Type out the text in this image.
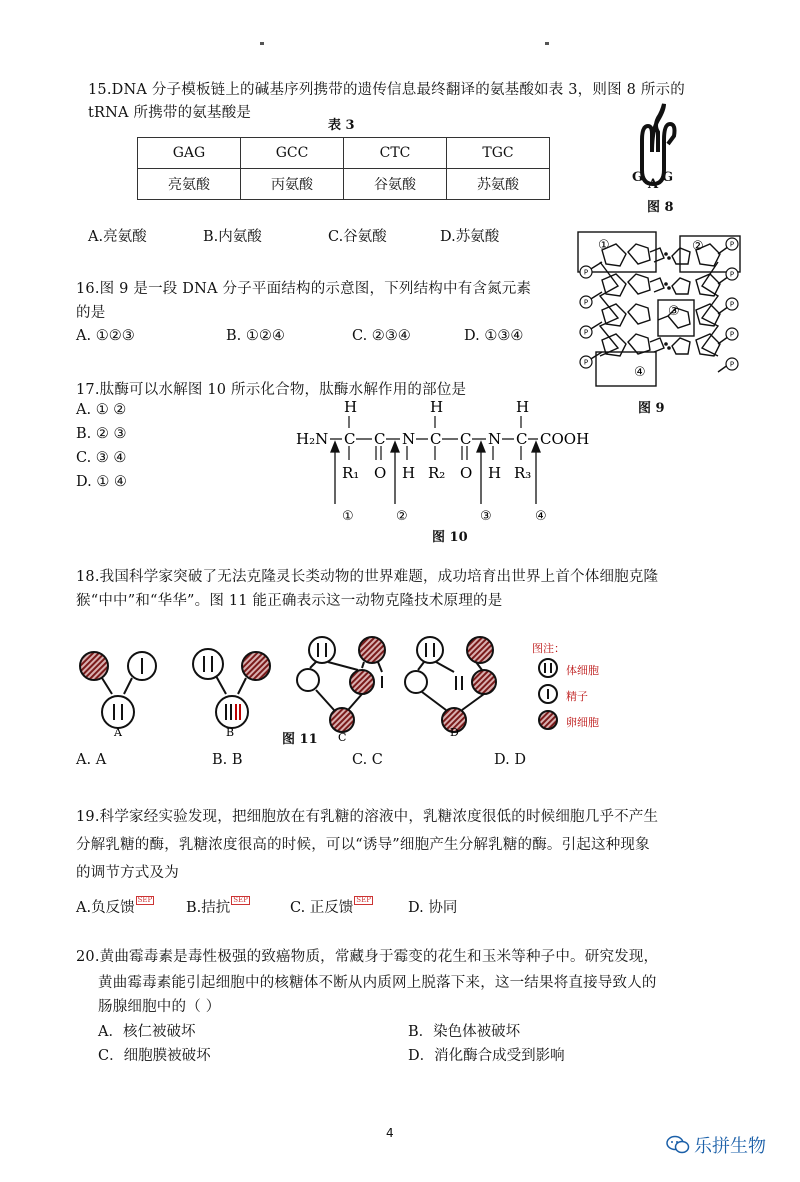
15.DNA 分子模板链上的碱基序列携带的遗传信息最终翻译的氨基酸如表 3，则图 8 所示的
tRNA 所携带的氨基酸是
表 3
GAG	GCC	CTC	TGC
亮氨酸	丙氨酸	谷氨酸	苏氨酸	G A G
图 8
A.亮氨酸	B.内氨酸	C.谷氨酸	D.苏氨酸
P
P
P
P
P
P
P
P
P
①	②
③
④
图 9
16.图 9 是一段 DNA 分子平面结构的示意图，下列结构中有含氮元素
的是
A. ①②③	B. ①②④	C. ②③④	D. ①③④
17.肽酶可以水解图 10 所示化合物，肽酶水解作用的部位是
A. ① ②
B. ② ③
C. ③ ④
D. ① ④
H	H	H
H₂N C C N C C N C COOH
R₁ O H R₂ O H R₃
①	②	③	④
图 10
18.我国科学家突破了无法克隆灵长类动物的世界难题，成功培育出世界上首个体细胞克隆
猴“中中”和“华华”。图 11 能正确表示这一动物克隆技术原理的是
A	B	C	D
图注：
体细胞
精子
卵细胞
图 11
A. A	B. B	C. C	D. D
19.科学家经实验发现，把细胞放在有乳糖的溶液中，乳糖浓度很低的时候细胞几乎不产生
分解乳糖的酶，乳糖浓度很高的时候，可以“诱导”细胞产生分解乳糖的酶。引起这种现象
的调节方式及为
A.负反馈 SEP B.拮抗 SEP	C. 正反馈 SEP	D. 协同
20.黄曲霉毒素是毒性极强的致癌物质，常藏身于霉变的花生和玉米等种子中。研究发现，
黄曲霉毒素能引起细胞中的核糖体不断从内质网上脱落下来，这一结果将直接导致人的
肠腺细胞中的（ ）
A．核仁被破坏	B．染色体被破坏
C．细胞膜被破坏	D．消化酶合成受到影响
4
乐拼生物
